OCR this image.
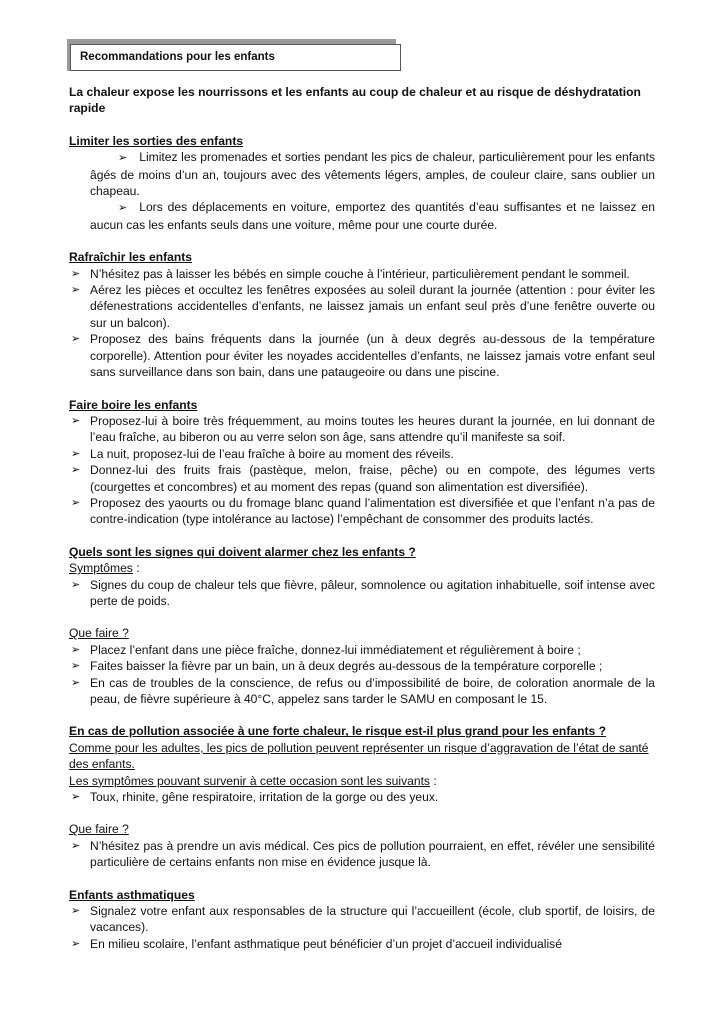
Recommandations pour les enfants

La chaleur expose les nourrissons et les enfants au coup de chaleur et au risque de déshydratation rapide

Limiter les sorties des enfants

➢ Limitez les promenades et sorties pendant les pics de chaleur, particulièrement pour les enfants âgés de moins d’un an, toujours avec des vêtements légers, amples, de couleur claire, sans oublier un chapeau.

➢ Lors des déplacements en voiture, emportez des quantités d’eau suffisantes et ne laissez en aucun cas les enfants seuls dans une voiture, même pour une courte durée.

Rafraîchir les enfants

➢ N’hésitez pas à laisser les bébés en simple couche à l’intérieur, particulièrement pendant le sommeil.

➢ Aérez les pièces et occultez les fenêtres exposées au soleil durant la journée (attention : pour éviter les défenestrations accidentelles d’enfants, ne laissez jamais un enfant seul près d’une fenêtre ouverte ou sur un balcon).

➢ Proposez des bains fréquents dans la journée (un à deux degrés au-dessous de la température corporelle). Attention pour éviter les noyades accidentelles d’enfants, ne laissez jamais votre enfant seul sans surveillance dans son bain, dans une pataugeoire ou dans une piscine.

Faire boire les enfants

➢ Proposez-lui à boire très fréquemment, au moins toutes les heures durant la journée, en lui donnant de l’eau fraîche, au biberon ou au verre selon son âge, sans attendre qu’il manifeste sa soif.

➢ La nuit, proposez-lui de l’eau fraîche à boire au moment des réveils.

➢ Donnez-lui des fruits frais (pastèque, melon, fraise, pêche) ou en compote, des légumes verts (courgettes et concombres) et au moment des repas (quand son alimentation est diversifiée).

➢ Proposez des yaourts ou du fromage blanc quand l’alimentation est diversifiée et que l’enfant n’a pas de contre-indication (type intolérance au lactose) l’empêchant de consommer des produits lactés.

Quels sont les signes qui doivent alarmer chez les enfants ?

Symptômes :

➢ Signes du coup de chaleur tels que fièvre, pâleur, somnolence ou agitation inhabituelle, soif intense avec perte de poids.

Que faire ?

➢ Placez l’enfant dans une pièce fraîche, donnez-lui immédiatement et régulièrement à boire ;

➢ Faites baisser la fièvre par un bain, un à deux degrés au-dessous de la température corporelle ;

➢ En cas de troubles de la conscience, de refus ou d’impossibilité de boire, de coloration anormale de la peau, de fièvre supérieure à 40°C, appelez sans tarder le SAMU en composant le 15.

En cas de pollution associée à une forte chaleur, le risque est-il plus grand pour les enfants ?

Comme pour les adultes, les pics de pollution peuvent représenter un risque d’aggravation de l’état de santé des enfants.

Les symptômes pouvant survenir à cette occasion sont les suivants :

➢ Toux, rhinite, gêne respiratoire, irritation de la gorge ou des yeux.

Que faire ?

➢ N’hésitez pas à prendre un avis médical. Ces pics de pollution pourraient, en effet, révéler une sensibilité particulière de certains enfants non mise en évidence jusque là.

Enfants asthmatiques

➢ Signalez votre enfant aux responsables de la structure qui l’accueillent (école, club sportif, de loisirs, de vacances).

➢ En milieu scolaire, l’enfant asthmatique peut bénéficier d’un projet d’accueil individualisé
